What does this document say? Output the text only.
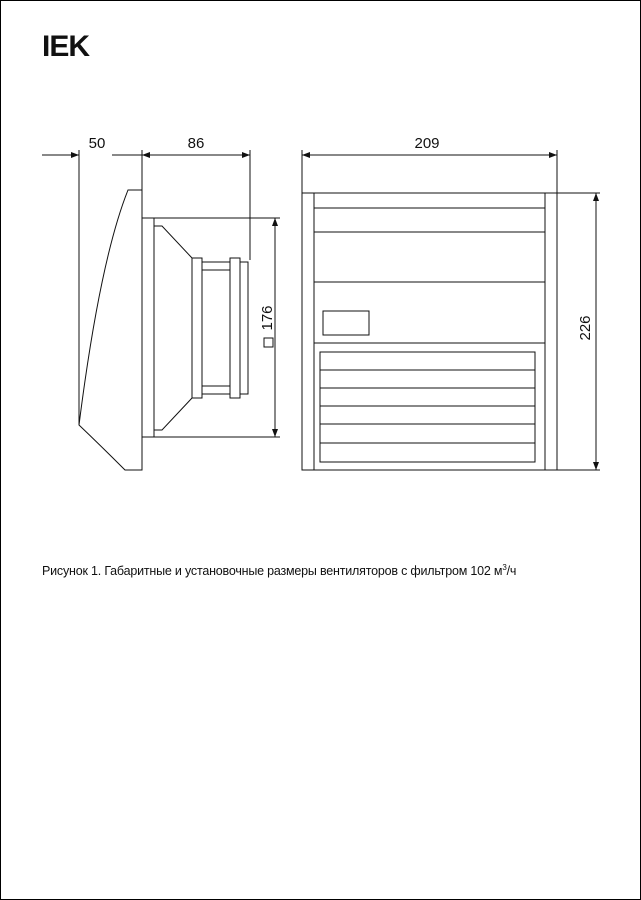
IEK
50	86
176
209
226
Рисунок 1. Габаритные и установочные размеры вентиляторов с фильтром 102 $м^3/ч$
